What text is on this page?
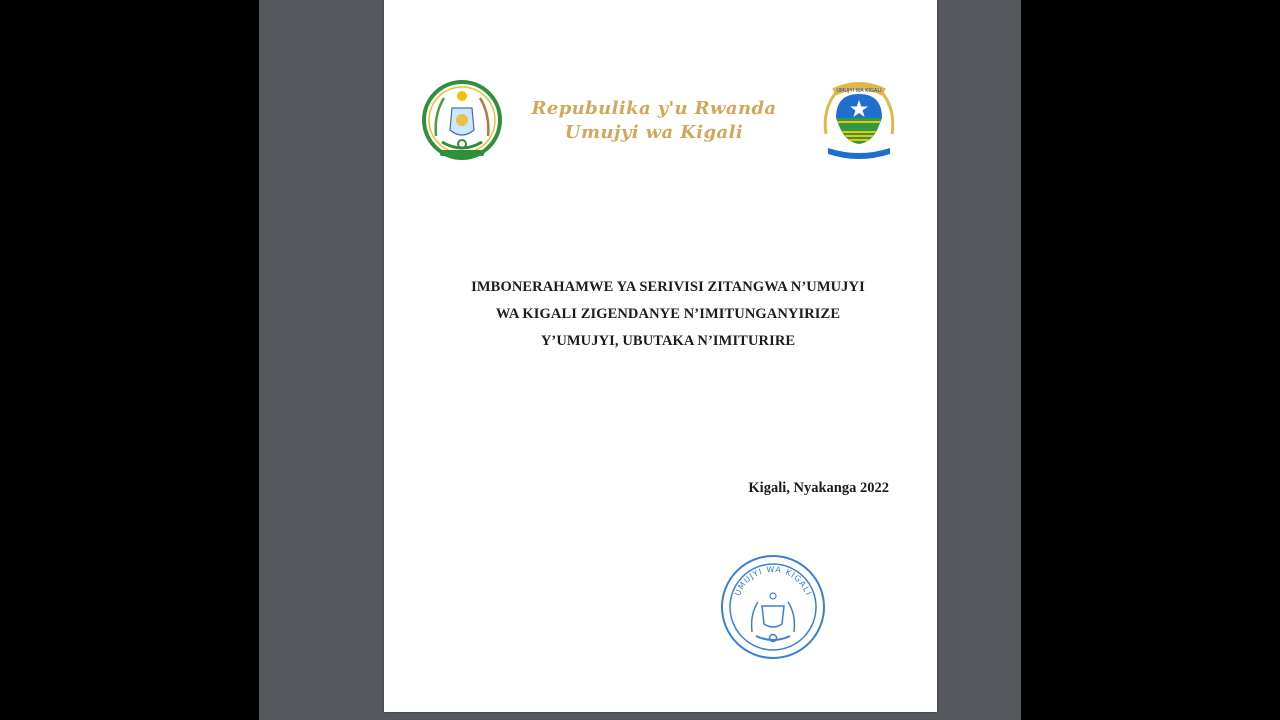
Repubulika y'u Rwanda
Umujyi wa Kigali
UMUJYI WA KIGALI
IMBONERAHAMWE YA SERIVISI ZITANGWA N’UMUJYI
WA KIGALI ZIGENDANYE N’IMITUNGANYIRIZE
Y’UMUJYI, UBUTAKA N’IMITURIRE
Kigali, Nyakanga 2022
UMUJYI WA KIGALI
